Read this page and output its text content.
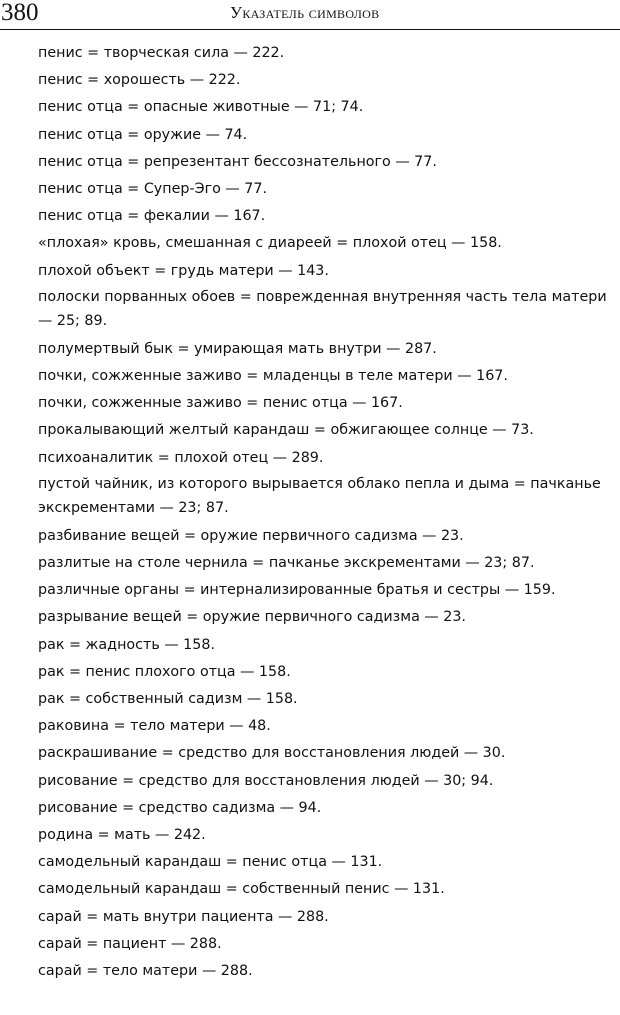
380	Указатель символов
пенис = творческая сила — 222.
пенис = хорошесть — 222.
пенис отца = опасные животные — 71; 74.
пенис отца = оружие — 74.
пенис отца = репрезентант бессознательного — 77.
пенис отца = Супер-Эго — 77.
пенис отца = фекалии — 167.
«плохая» кровь, смешанная с диареей = плохой отец — 158.
плохой объект = грудь матери — 143.
полоски порванных обоев = поврежденная внутренняя часть тела матери — 25; 89.
полумертвый бык = умирающая мать внутри — 287.
почки, сожженные заживо = младенцы в теле матери — 167.
почки, сожженные заживо = пенис отца — 167.
прокалывающий желтый карандаш = обжигающее солнце — 73.
психоаналитик = плохой отец — 289.
пустой чайник, из которого вырывается облако пепла и дыма = пачканье экскрементами — 23; 87.
разбивание вещей = оружие первичного садизма — 23.
разлитые на столе чернила = пачканье экскрементами — 23; 87.
различные органы = интернализированные братья и сестры — 159.
разрывание вещей = оружие первичного садизма — 23.
рак = жадность — 158.
рак = пенис плохого отца — 158.
рак = собственный садизм — 158.
раковина = тело матери — 48.
раскрашивание = средство для восстановления людей — 30.
рисование = средство для восстановления людей — 30; 94.
рисование = средство садизма — 94.
родина = мать — 242.
самодельный карандаш = пенис отца — 131.
самодельный карандаш = собственный пенис — 131.
сарай = мать внутри пациента — 288.
сарай = пациент — 288.
сарай = тело матери — 288.
